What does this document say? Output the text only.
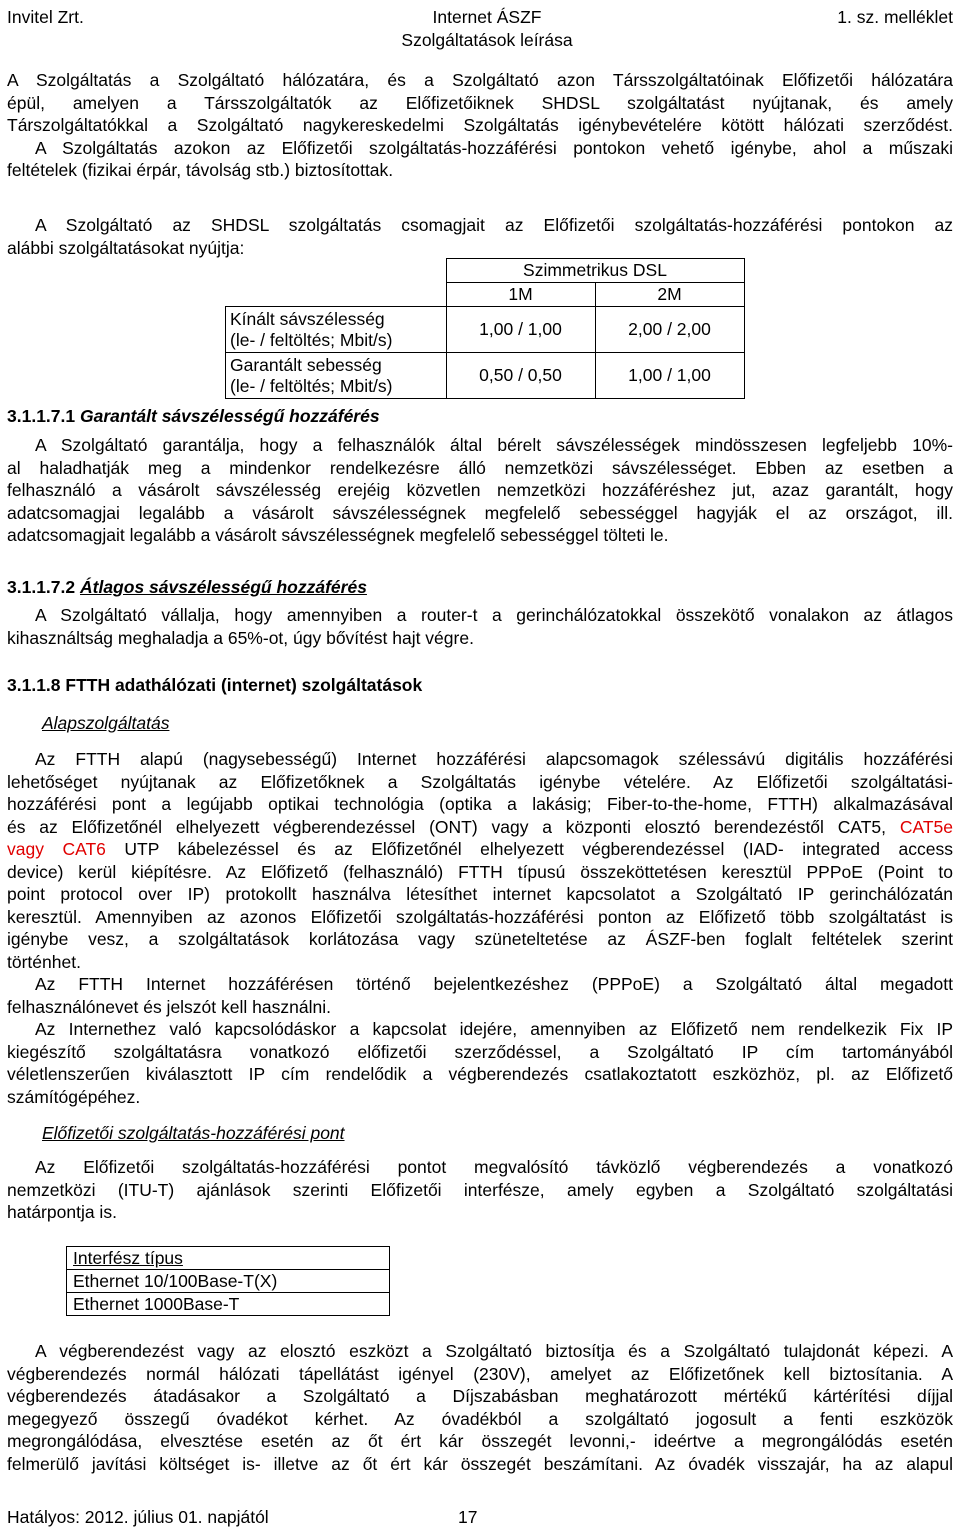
Invitel Zrt.	Internet ÁSZF
Szolgáltatások leírása
1. sz. melléklet
A Szolgáltatás a Szolgáltató hálózatára, és a Szolgáltató azon Társszolgáltatóinak Előfizetői hálózatára
épül, amelyen a Társszolgáltatók az Előfizetőiknek SHDSL szolgáltatást nyújtanak, és amely
Társzolgáltatókkal a Szolgáltató nagykereskedelmi Szolgáltatás igénybevételére kötött hálózati szerződést.
A Szolgáltatás azokon az Előfizetői szolgáltatás-hozzáférési pontokon vehető igénybe, ahol a műszaki
feltételek (fizikai érpár, távolság stb.) biztosítottak.
A Szolgáltató az SHDSL szolgáltatás csomagjait az Előfizetői szolgáltatás-hozzáférési pontokon az
alábbi szolgáltatásokat nyújtja:
	Szimmetrikus DSL	
	1M	2M

Kínált sávszélesség
(le- / feltöltés; Mbit/s)	1,00 / 1,00	2,00 / 2,00

Garantált sebesség
(le- / feltöltés; Mbit/s)	0,50 / 0,50	1,00 / 1,00
3.1.1.7.1 Garantált sávszélességű hozzáférés
A Szolgáltató garantálja, hogy a felhasználók által bérelt sávszélességek mindösszesen legfeljebb 10%-
al haladhatják meg a mindenkor rendelkezésre álló nemzetközi sávszélességet. Ebben az esetben a
felhasználó a vásárolt sávszélesség erejéig közvetlen nemzetközi hozzáféréshez jut, azaz garantált, hogy
adatcsomagjai legalább a vásárolt sávszélességnek megfelelő sebességgel hagyják el az országot, ill.
adatcsomagjait legalább a vásárolt sávszélességnek megfelelő sebességgel tölteti le.
3.1.1.7.2 Átlagos sávszélességű hozzáférés
A Szolgáltató vállalja, hogy amennyiben a router-t a gerinchálózatokkal összekötő vonalakon az átlagos
kihasználtság meghaladja a 65%-ot, úgy bővítést hajt végre.
3.1.1.8 FTTH adathálózati (internet) szolgáltatások
Alapszolgáltatás
Az FTTH alapú (nagysebességű) Internet hozzáférési alapcsomagok szélessávú digitális hozzáférési
lehetőséget nyújtanak az Előfizetőknek a Szolgáltatás igénybe vételére. Az Előfizetői szolgáltatási-
hozzáférési pont a legújabb optikai technológia (optika a lakásig; Fiber-to-the-home, FTTH) alkalmazásával
és az Előfizetőnél elhelyezett végberendezéssel (ONT) vagy a központi elosztó berendezéstől CAT5, CAT5e
vagy CAT6 UTP kábelezéssel és az Előfizetőnél elhelyezett végberendezéssel (IAD- integrated access
device) kerül kiépítésre. Az Előfizető (felhasználó) FTTH típusú összeköttetésen keresztül PPPoE (Point to
point protocol over IP) protokollt használva létesíthet internet kapcsolatot a Szolgáltató IP gerinchálózatán
keresztül. Amennyiben az azonos Előfizetői szolgáltatás-hozzáférési ponton az Előfizető több szolgáltatást is
igénybe vesz, a szolgáltatások korlátozása vagy szüneteltetése az ÁSZF-ben foglalt feltételek szerint
történhet.
Az FTTH Internet hozzáférésen történő bejelentkezéshez (PPPoE) a Szolgáltató által megadott
felhasználónevet és jelszót kell használni.
Az Internethez való kapcsolódáskor a kapcsolat idejére, amennyiben az Előfizető nem rendelkezik Fix IP
kiegészítő szolgáltatásra vonatkozó előfizetői szerződéssel, a Szolgáltató IP cím tartományából
véletlenszerűen kiválasztott IP cím rendelődik a végberendezés csatlakoztatott eszközhöz, pl. az Előfizető
számítógépéhez.
Előfizetői szolgáltatás-hozzáférési pont
Az Előfizetői szolgáltatás-hozzáférési pontot megvalósító távközlő végberendezés a vonatkozó
nemzetközi (ITU-T) ajánlások szerinti Előfizetői interfésze, amely egyben a Szolgáltató szolgáltatási
határpontja is.
Interfész típus
Ethernet 10/100Base-T(X)
Ethernet 1000Base-T
A végberendezést vagy az elosztó eszközt a Szolgáltató biztosítja és a Szolgáltató tulajdonát képezi. A
végberendezés normál hálózati tápellátást igényel (230V), amelyet az Előfizetőnek kell biztosítania. A
végberendezés átadásakor a Szolgáltató a Díjszabásban meghatározott mértékű kártérítési díjjal
megegyező összegű óvadékot kérhet. Az óvadékból a szolgáltató jogosult a fenti eszközök
megrongálódása, elvesztése esetén az őt ért kár összegét levonni,- ideértve a megrongálódás esetén
felmerülő javítási költséget is- illetve az őt ért kár összegét beszámítani. Az óvadék visszajár, ha az alapul
Hatályos: 2012. július 01. napjától	17
